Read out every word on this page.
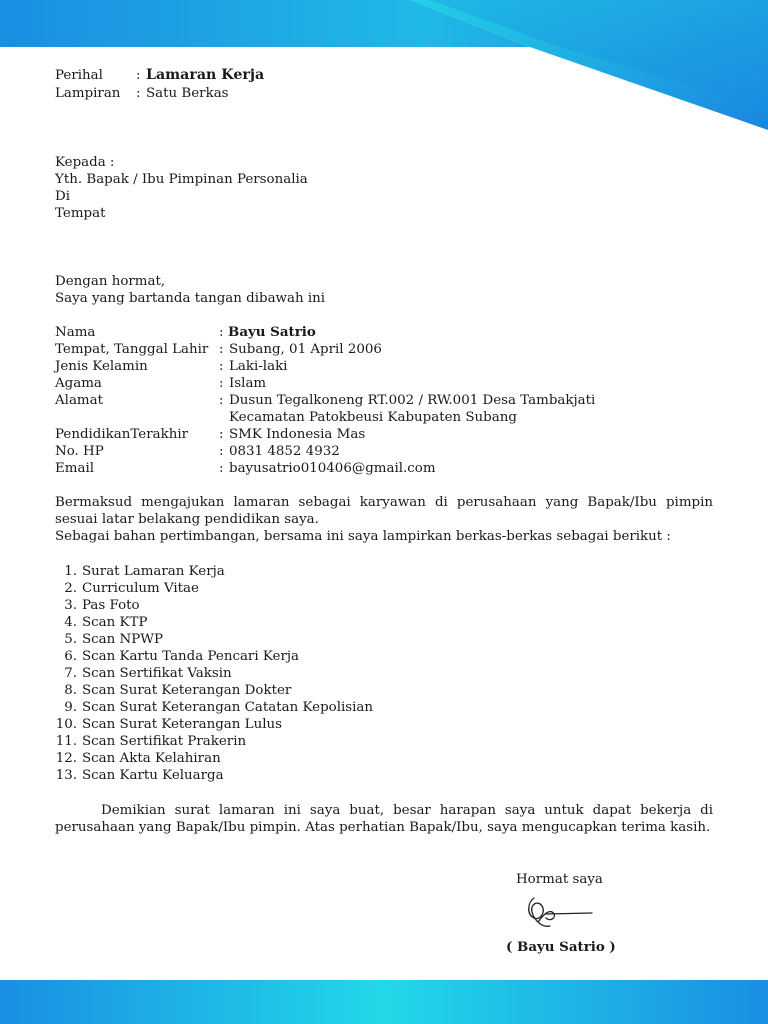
Perihal : Lamaran Kerja
Lampiran : Satu Berkas
Kepada :
Yth. Bapak / Ibu Pimpinan Personalia
Di
Tempat
Dengan hormat,
Saya yang bartanda tangan dibawah ini
Nama	: Bayu Satrio
Tempat, Tanggal Lahir : Subang, 01 April 2006
Jenis Kelamin	: Laki-laki
Agama	: Islam
Alamat	: Dusun Tegalkoneng RT.002 / RW.001 Desa Tambakjati
Kecamatan Patokbeusi Kabupaten Subang
PendidikanTerakhir : SMK Indonesia Mas
No. HP	: 0831 4852 4932
Email	: bayusatrio010406@gmail.com
Bermaksud mengajukan lamaran sebagai karyawan di perusahaan yang Bapak/Ibu pimpin sesuai latar belakang pendidikan saya.
Sebagai bahan pertimbangan, bersama ini saya lampirkan berkas-berkas sebagai berikut :
1. Surat Lamaran Kerja
2. Curriculum Vitae
3. Pas Foto
4. Scan KTP
5. Scan NPWP
6. Scan Kartu Tanda Pencari Kerja
7. Scan Sertifikat Vaksin
8. Scan Surat Keterangan Dokter
9. Scan Surat Keterangan Catatan Kepolisian
10. Scan Surat Keterangan Lulus
11. Scan Sertifikat Prakerin
12. Scan Akta Kelahiran
13. Scan Kartu Keluarga
Demikian surat lamaran ini saya buat, besar harapan saya untuk dapat bekerja di perusahaan yang Bapak/Ibu pimpin. Atas perhatian Bapak/Ibu, saya mengucapkan terima kasih.
Hormat saya
( Bayu Satrio )
